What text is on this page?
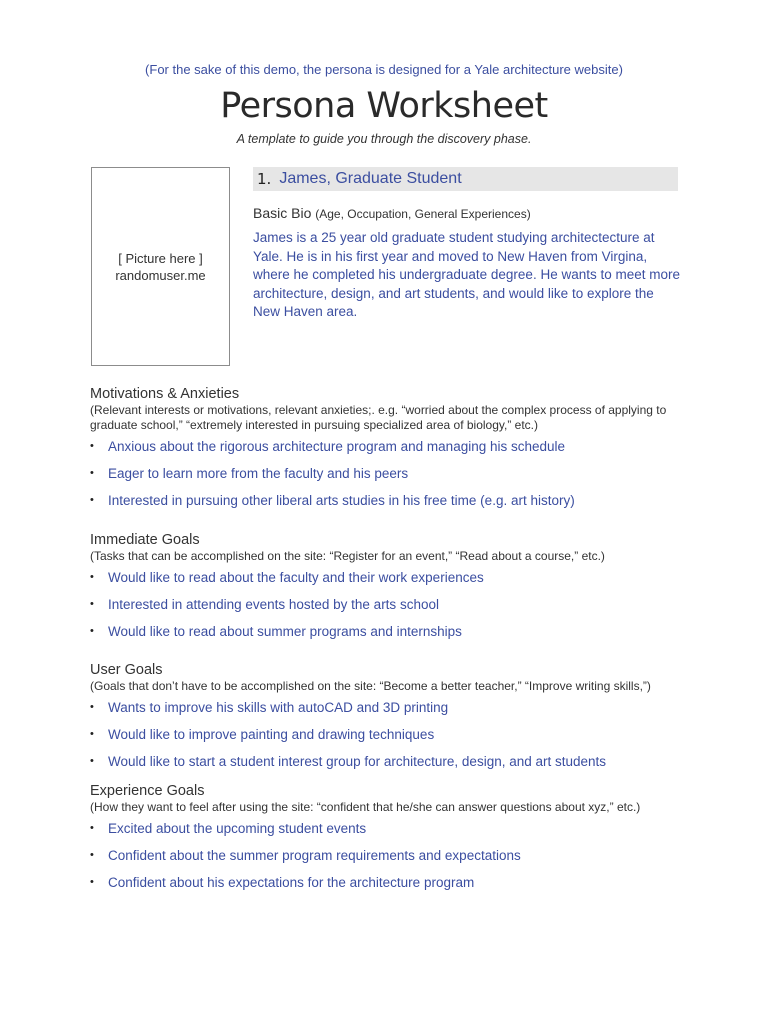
(For the sake of this demo, the persona is designed for a Yale architecture website)
Persona Worksheet
A template to guide you through the discovery phase.
[ Picture here ]
randomuser.me
1. James, Graduate Student
Basic Bio (Age, Occupation, General Experiences)

James is a 25 year old graduate student studying architectecture at Yale. He is in his first year and moved to New Haven from Virgina, where he completed his undergraduate degree. He wants to meet more architecture, design, and art students, and would like to explore the New Haven area.

Motivations & Anxieties
(Relevant interests or motivations, relevant anxieties;. e.g. “worried about the complex process of applying to graduate school,” “extremely interested in pursuing specialized area of biology,” etc.)
• Anxious about the rigorous architecture program and managing his schedule
• Eager to learn more from the faculty and his peers
• Interested in pursuing other liberal arts studies in his free time (e.g. art history)
Immediate Goals
(Tasks that can be accomplished on the site: “Register for an event,” “Read about a course,” etc.)
• Would like to read about the faculty and their work experiences
• Interested in attending events hosted by the arts school
• Would like to read about summer programs and internships
User Goals
(Goals that don’t have to be accomplished on the site: “Become a better teacher,” “Improve writing skills,”)
• Wants to improve his skills with autoCAD and 3D printing
• Would like to improve painting and drawing techniques
• Would like to start a student interest group for architecture, design, and art students
Experience Goals
(How they want to feel after using the site: “confident that he/she can answer questions about xyz,” etc.)
• Excited about the upcoming student events
• Confident about the summer program requirements and expectations
• Confident about his expectations for the architecture program
